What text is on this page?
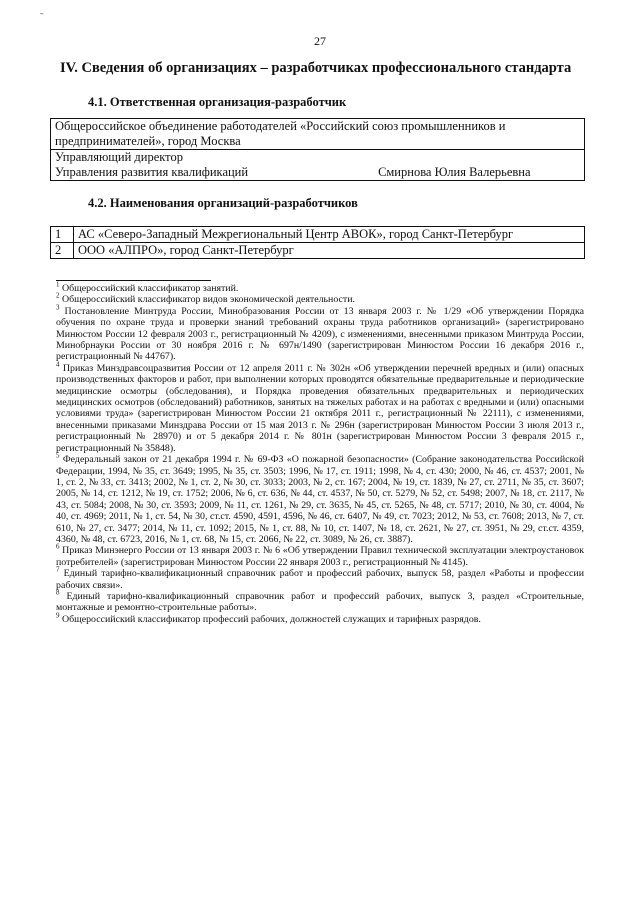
ˉ
27
IV. Сведения об организациях – разработчиках профессионального стандарта
4.1. Ответственная организация-разработчик
Общероссийское объединение работодателей «Российский союз промышленников и предпринимателей», город Москва

Управляющий директор
Управления развития квалификаций	Смирнова Юлия Валерьевна
4.2. Наименования организаций-разработчиков
1	АС «Северо-Западный Межрегиональный Центр АВОК», город Санкт-Петербург
2	ООО «АЛПРО», город Санкт-Петербург

$^1$ Общероссийский классификатор занятий.

$^2$ Общероссийский классификатор видов экономической деятельности.

$^3$ Постановление Минтруда России, Минобразования России от 13 января 2003 г. № 1/29 «Об утверждении Порядка обучения по охране труда и проверки знаний требований охраны труда работников организаций» (зарегистрировано Минюстом России 12 февраля 2003 г., регистрационный № 4209), с изменениями, внесенными приказом Минтруда России, Минобрнауки России от 30 ноября 2016 г. № 697н/1490 (зарегистрирован Минюстом России 16 декабря 2016 г., регистрационный № 44767).

$^4$ Приказ Минздравсоцразвития России от 12 апреля 2011 г. № 302н «Об утверждении перечней вредных и (или) опасных производственных факторов и работ, при выполнении которых проводятся обязательные предварительные и периодические медицинские осмотры (обследования), и Порядка проведения обязательных предварительных и периодических медицинских осмотров (обследований) работников, занятых на тяжелых работах и на работах с вредными и (или) опасными условиями труда» (зарегистрирован Минюстом России 21 октября 2011 г., регистрационный № 22111), с изменениями, внесенными приказами Минздрава России от 15 мая 2013 г. № 296н (зарегистрирован Минюстом России 3 июля 2013 г., регистрационный № 28970) и от 5 декабря 2014 г. № 801н (зарегистрирован Минюстом России 3 февраля 2015 г., регистрационный № 35848).

$^5$ Федеральный закон от 21 декабря 1994 г. № 69-ФЗ «О пожарной безопасности» (Собрание законодательства Российской Федерации, 1994, № 35, ст. 3649; 1995, № 35, ст. 3503; 1996, № 17, ст. 1911; 1998, № 4, ст. 430; 2000, № 46, ст. 4537; 2001, № 1, ст. 2, № 33, ст. 3413; 2002, № 1, ст. 2, № 30, ст. 3033; 2003, № 2, ст. 167; 2004, № 19, ст. 1839, № 27, ст. 2711, № 35, ст. 3607; 2005, № 14, ст. 1212, № 19, ст. 1752; 2006, № 6, ст. 636, № 44, ст. 4537, № 50, ст. 5279, № 52, ст. 5498; 2007, № 18, ст. 2117, № 43, ст. 5084; 2008, № 30, ст. 3593; 2009, № 11, ст. 1261, № 29, ст. 3635, № 45, ст. 5265, № 48, ст. 5717; 2010, № 30, ст. 4004, № 40, ст. 4969; 2011, № 1, ст. 54, № 30, ст.ст. 4590, 4591, 4596, № 46, ст. 6407, № 49, ст. 7023; 2012, № 53, ст. 7608; 2013, № 7, ст. 610, № 27, ст. 3477; 2014, № 11, ст. 1092; 2015, № 1, ст. 88, № 10, ст. 1407, № 18, ст. 2621, № 27, ст. 3951, № 29, ст.ст. 4359, 4360, № 48, ст. 6723, 2016, № 1, ст. 68, № 15, ст. 2066, № 22, ст. 3089, № 26, ст. 3887).

$^6$ Приказ Минэнерго России от 13 января 2003 г. № 6 «Об утверждении Правил технической эксплуатации электроустановок потребителей» (зарегистрирован Минюстом России 22 января 2003 г., регистрационный № 4145).

$^7$ Единый тарифно-квалификационный справочник работ и профессий рабочих, выпуск 58, раздел «Работы и профессии рабочих связи».

$^8$ Единый тарифно-квалификационный справочник работ и профессий рабочих, выпуск 3, раздел «Строительные, монтажные и ремонтно-строительные работы».

$^9$ Общероссийский классификатор профессий рабочих, должностей служащих и тарифных разрядов.
